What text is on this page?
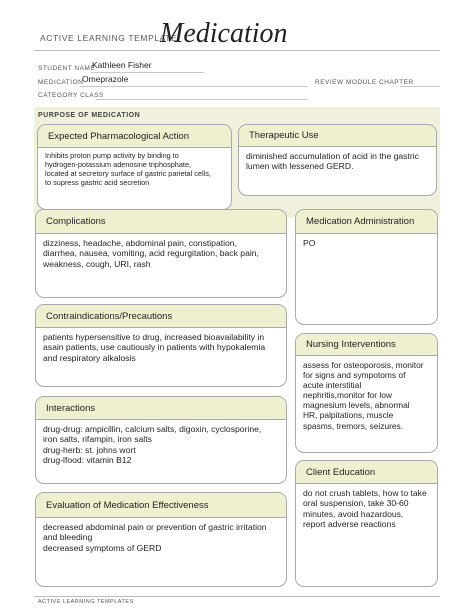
ACTIVE LEARNING TEMPLATE:
Medication
STUDENT NAME
Kathleen Fisher
MEDICATION
Omeprazole	REVIEW MODULE CHAPTER
CATEGORY CLASS
PURPOSE OF MEDICATION
Expected Pharmacological Action
Inhibits proton pump activity by binding to
hydrogen-potassium adenosine triphosphate,
located at secretory surface of gastric parietal cells,
to supress gastric acid secretion
Therapeutic Use
diminished accumulation of acid in the gastric
lumen with lessened GERD.
Complications
dizziness, headache, abdominal pain, constipation,
diarrhea, nausea, vomiting, acid regurgitation, back pain,
weakness, cough, URI, rash
Medication Administration
PO
Contraindications/Precautions
patients hypersensitive to drug, increased bioavailability in
asain patients, use cautiously in patients with hypokalemia
and respiratory alkalosis
Nursing Interventions
assess for osteoporosis, monitor
for signs and sympotoms of
acute interstitial
nephritis,monitor for low
magnesium levels, abnormal
HR, palpitations, muscle
spasms, tremors, seizures.
Interactions
drug-drug: ampicillin, calcium salts, digoxin, cyclosporine,
iron salts, rifampin, iron salts
drug-herb: st. johns wort
drug-lfood: vitamin B12
Client Education
do not crush tablets, how to take
oral suspension, take 30-60
minutes, avoid hazardous,
report adverse reactions
Evaluation of Medication Effectiveness
decreased abdominal pain or prevention of gastric irritation
and bleeding
decreased symptoms of GERD
ACTIVE LEARNING TEMPLATES
